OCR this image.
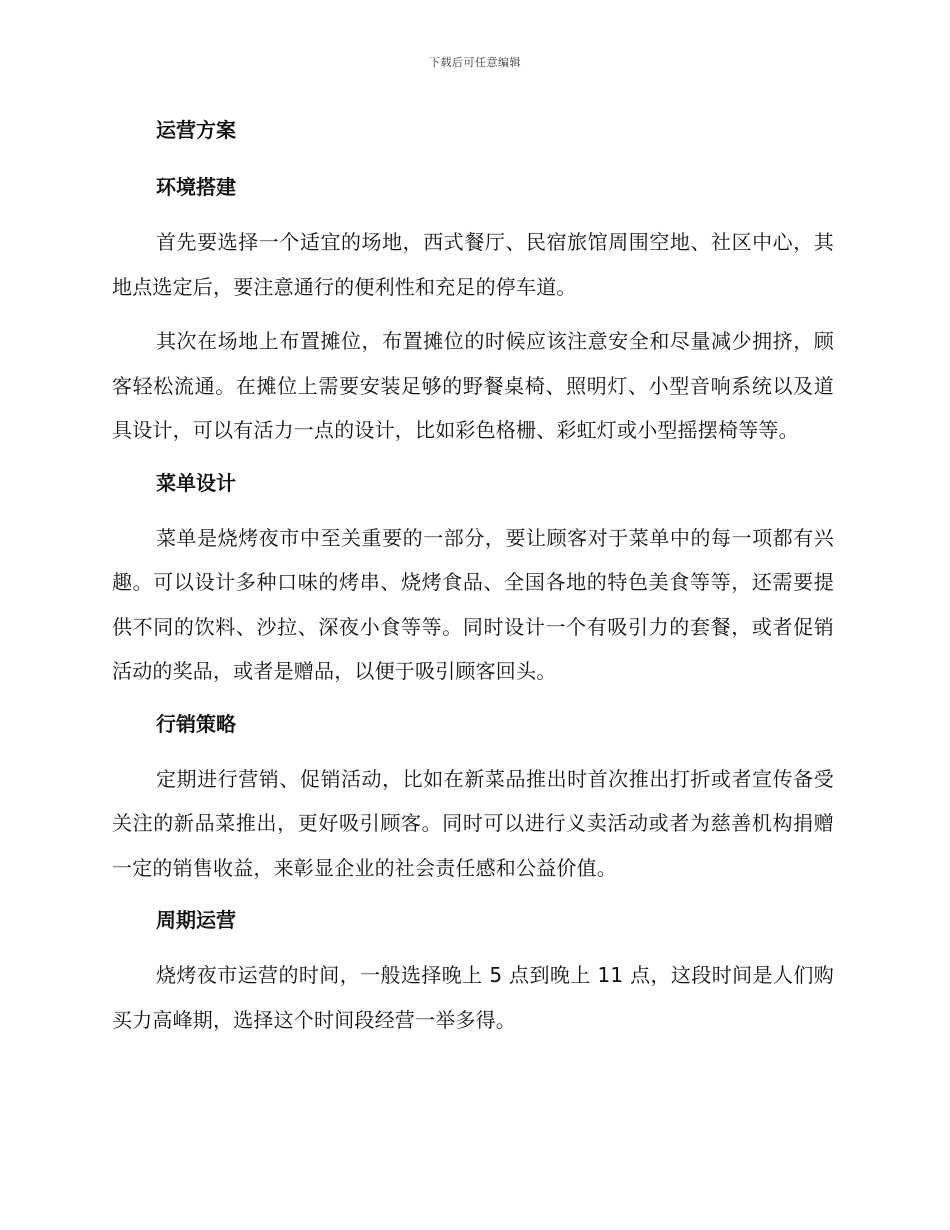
下载后可任意编辑
运营方案
环境搭建

首先要选择一个适宜的场地，西式餐厅、民宿旅馆周围空地、社区中心，其地点选定后，要注意通行的便利性和充足的停车道。

其次在场地上布置摊位，布置摊位的时候应该注意安全和尽量减少拥挤，顾客轻松流通。在摊位上需要安装足够的野餐桌椅、照明灯、小型音响系统以及道具设计，可以有活力一点的设计，比如彩色格栅、彩虹灯或小型摇摆椅等等。

菜单设计

菜单是烧烤夜市中至关重要的一部分，要让顾客对于菜单中的每一项都有兴趣。可以设计多种口味的烤串、烧烤食品、全国各地的特色美食等等，还需要提供不同的饮料、沙拉、深夜小食等等。同时设计一个有吸引力的套餐，或者促销活动的奖品，或者是赠品，以便于吸引顾客回头。

行销策略

定期进行营销、促销活动，比如在新菜品推出时首次推出打折或者宣传备受关注的新品菜推出，更好吸引顾客。同时可以进行义卖活动或者为慈善机构捐赠一定的销售收益，来彰显企业的社会责任感和公益价值。

周期运营

烧烤夜市运营的时间，一般选择晚上 5 点到晚上 11 点，这段时间是人们购买力高峰期，选择这个时间段经营一举多得。
